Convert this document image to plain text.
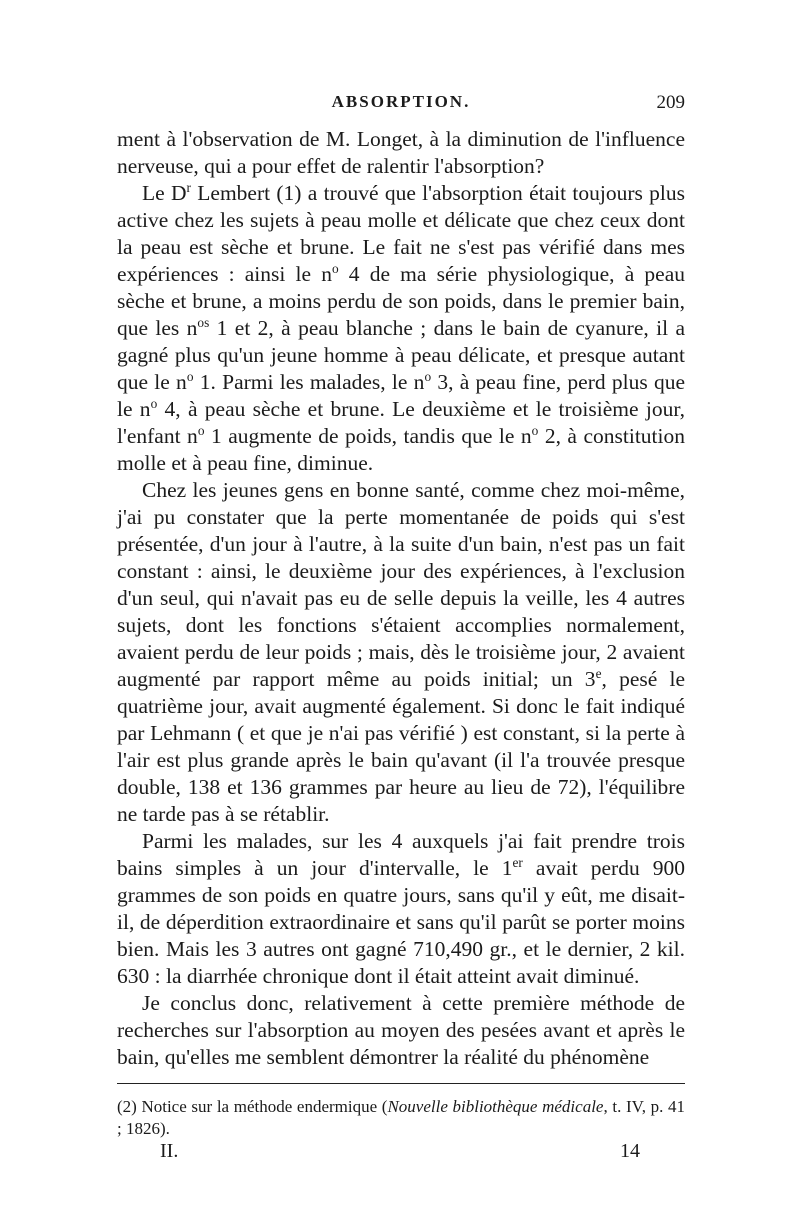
ABSORPTION.	209

ment à l'observation de M. Longet, à la diminution de l'influence nerveuse, qui a pour effet de ralentir l'absorption?

Le $D^r$ Lembert (1) a trouvé que l'absorption était toujours plus active chez les sujets à peau molle et délicate que chez ceux dont la peau est sèche et brune. Le fait ne s'est pas vérifié dans mes expériences : ainsi le $n^o$ 4 de ma série physiologique, à peau sèche et brune, a moins perdu de son poids, dans le premier bain, que les $n^{os}$ 1 et 2, à peau blanche ; dans le bain de cyanure, il a gagné plus qu'un jeune homme à peau délicate, et presque autant que le $n^o$ 1. Parmi les malades, le $n^o$ 3, à peau fine, perd plus que le $n^o$ 4, à peau sèche et brune. Le deuxième et le troisième jour, l'enfant $n^o$ 1 augmente de poids, tandis que le $n^o$ 2, à constitution molle et à peau fine, diminue.

Chez les jeunes gens en bonne santé, comme chez moi-même, j'ai pu constater que la perte momentanée de poids qui s'est présentée, d'un jour à l'autre, à la suite d'un bain, n'est pas un fait constant : ainsi, le deuxième jour des expériences, à l'exclusion d'un seul, qui n'avait pas eu de selle depuis la veille, les 4 autres sujets, dont les fonctions s'étaient accomplies normalement, avaient perdu de leur poids ; mais, dès le troisième jour, 2 avaient augmenté par rapport même au poids initial; un 3e, pesé le quatrième jour, avait augmenté également. Si donc le fait indiqué par Lehmann ( et que je n'ai pas vérifié ) est constant, si la perte à l'air est plus grande après le bain qu'avant (il l'a trouvée presque double, 138 et 136 grammes par heure au lieu de 72), l'équilibre ne tarde pas à se rétablir.

Parmi les malades, sur les 4 auxquels j'ai fait prendre trois bains simples à un jour d'intervalle, le 1er avait perdu 900 grammes de son poids en quatre jours, sans qu'il y eût, me disait-il, de déperdition extraordinaire et sans qu'il parût se porter moins bien. Mais les 3 autres ont gagné 710,490 gr., et le dernier, 2 kil. 630 : la diarrhée chronique dont il était atteint avait diminué.

Je conclus donc, relativement à cette première méthode de recherches sur l'absorption au moyen des pesées avant et après le bain, qu'elles me semblent démontrer la réalité du phénomène

(2) Notice sur la méthode endermique (Nouvelle bibliothèque médicale, t. IV, p. 41 ; 1826).
II.	14
